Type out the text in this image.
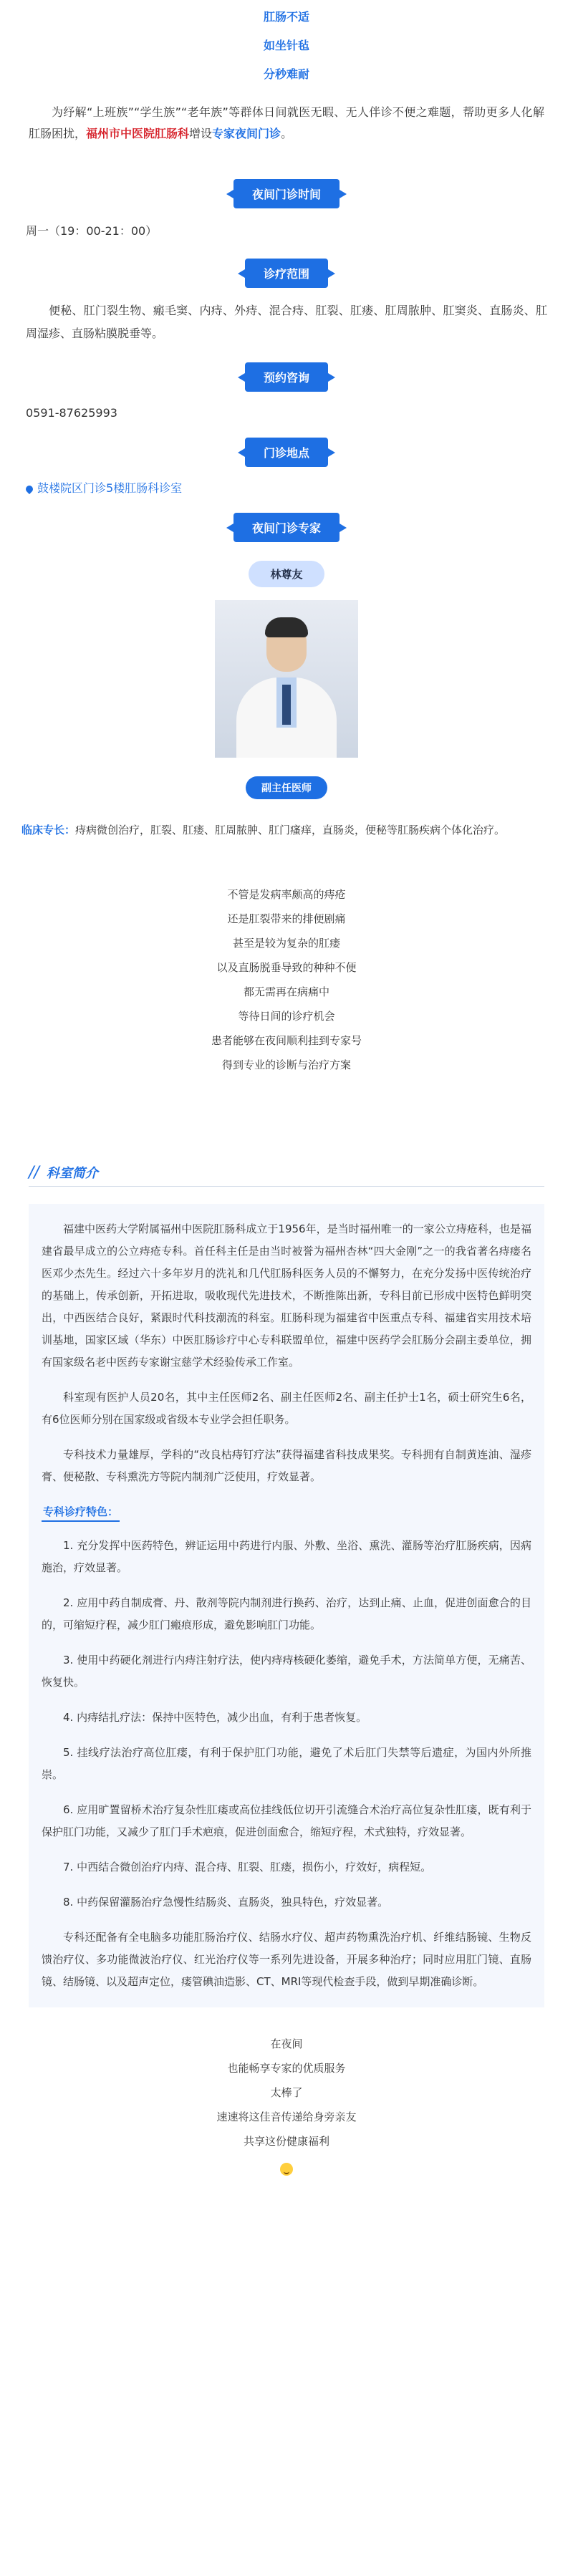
肛肠不适
如坐针毡
分秒难耐

为纾解“上班族”“学生族”“老年族”等群体日间就医无暇、无人伴诊不便之难题，帮助更多人化解肛肠困扰，福州市中医院肛肠科增设专家夜间门诊。

夜间门诊时间
周一（19：00-21：00）
诊疗范围
便秘、肛门裂生物、瘢毛窦、内痔、外痔、混合痔、肛裂、肛瘘、肛周脓肿、肛窦炎、直肠炎、肛周湿疹、直肠粘膜脱垂等。
预约咨询
0591-87625993
门诊地点
鼓楼院区门诊5楼肛肠科诊室
夜间门诊专家
林尊友
副主任医师
临床专长：痔病微创治疗，肛裂、肛瘘、肛周脓肿、肛门瘙痒，直肠炎，便秘等肛肠疾病个体化治疗。
不管是发病率颇高的痔疮
还是肛裂带来的排便剧痛
甚至是较为复杂的肛瘘
以及直肠脱垂导致的种种不便
都无需再在病痛中
等待日间的诊疗机会
患者能够在夜间顺利挂到专家号
得到专业的诊断与治疗方案
// 科室简介

福建中医药大学附属福州中医院肛肠科成立于1956年，是当时福州唯一的一家公立痔疮科，也是福建省最早成立的公立痔疮专科。首任科主任是由当时被誉为福州杏林“四大金刚”之一的我省著名痔瘘名医邓少杰先生。经过六十多年岁月的洗礼和几代肛肠科医务人员的不懈努力，在充分发扬中医传统治疗的基础上，传承创新，开拓进取，吸收现代先进技术，不断推陈出新，专科目前已形成中医特色鲜明突出，中西医结合良好，紧跟时代科技潮流的科室。肛肠科现为福建省中医重点专科、福建省实用技术培训基地，国家区域（华东）中医肛肠诊疗中心专科联盟单位，福建中医药学会肛肠分会副主委单位，拥有国家级名老中医药专家谢宝慈学术经验传承工作室。

科室现有医护人员20名，其中主任医师2名、副主任医师2名、副主任护士1名，硕士研究生6名，有6位医师分别在国家级或省级本专业学会担任职务。

专科技术力量雄厚，学科的“改良枯痔钉疗法”获得福建省科技成果奖。专科拥有自制黄连油、湿疹膏、便秘散、专科熏洗方等院内制剂广泛使用，疗效显著。

专科诊疗特色：

1. 充分发挥中医药特色，辨证运用中药进行内服、外敷、坐浴、熏洗、灌肠等治疗肛肠疾病，因病施治，疗效显著。

2. 应用中药自制成膏、丹、散剂等院内制剂进行换药、治疗，达到止痛、止血，促进创面愈合的目的，可缩短疗程，减少肛门瘢痕形成，避免影响肛门功能。

3. 使用中药硬化剂进行内痔注射疗法，使内痔痔核硬化萎缩，避免手术，方法简单方便，无痛苦、恢复快。

4. 内痔结扎疗法：保持中医特色，减少出血，有利于患者恢复。

5. 挂线疗法治疗高位肛瘘，有利于保护肛门功能，避免了术后肛门失禁等后遗症，为国内外所推崇。

6. 应用旷置留桥术治疗复杂性肛瘘或高位挂线低位切开引流缝合术治疗高位复杂性肛瘘，既有利于保护肛门功能，又减少了肛门手术疤痕，促进创面愈合，缩短疗程，术式独特，疗效显著。

7. 中西结合微创治疗内痔、混合痔、肛裂、肛瘘，损伤小，疗效好，病程短。

8. 中药保留灌肠治疗急慢性结肠炎、直肠炎，独具特色，疗效显著。

专科还配备有全电脑多功能肛肠治疗仪、结肠水疗仪、超声药物熏洗治疗机、纤维结肠镜、生物反馈治疗仪、多功能微波治疗仪、红光治疗仪等一系列先进设备，开展多种治疗；同时应用肛门镜、直肠镜、结肠镜、以及超声定位，瘘管碘油造影、CT、MRI等现代检查手段，做到早期准确诊断。

在夜间
也能畅享专家的优质服务
太棒了
速速将这佳音传递给身旁亲友
共享这份健康福利
